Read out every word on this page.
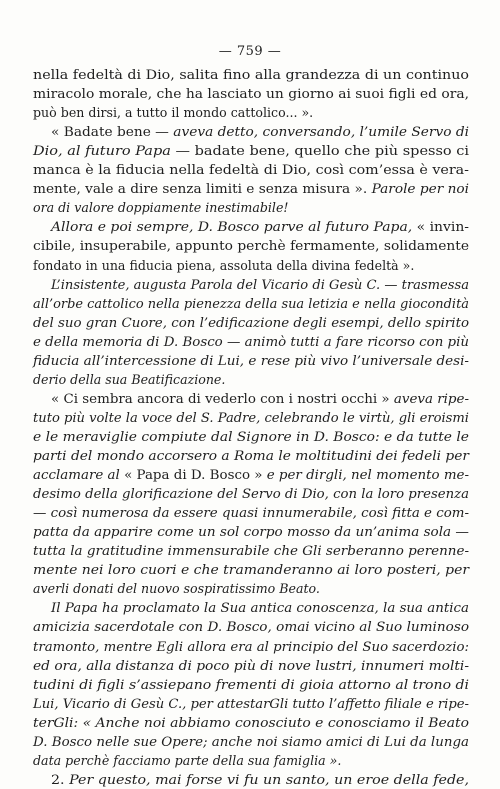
— 759 —
nella fedeltà di Dio, salita fino alla grandezza di un continuo
miracolo morale, che ha lasciato un giorno ai suoi figli ed ora,
può ben dirsi, a tutto il mondo cattolico... ».
« Badate bene — aveva detto, conversando, l’umile Servo di
Dio, al futuro Papa — badate bene, quello che più spesso ci
manca è la fiducia nella fedeltà di Dio, così com’essa è vera-
mente, vale a dire senza limiti e senza misura ». Parole per noi
ora di valore doppiamente inestimabile!
Allora e poi sempre, D. Bosco parve al futuro Papa, « invin-
cibile, insuperabile, appunto perchè fermamente, solidamente
fondato in una fiducia piena, assoluta della divina fedeltà ».
L’insistente, augusta Parola del Vicario di Gesù C. — trasmessa
all’orbe cattolico nella pienezza della sua letizia e nella giocondità
del suo gran Cuore, con l’edificazione degli esempi, dello spirito
e della memoria di D. Bosco — animò tutti a fare ricorso con più
fiducia all’intercessione di Lui, e rese più vivo l’universale desi-
derio della sua Beatificazione.
« Ci sembra ancora di vederlo con i nostri occhi » aveva ripe-
tuto più volte la voce del S. Padre, celebrando le virtù, gli eroismi
e le meraviglie compiute dal Signore in D. Bosco: e da tutte le
parti del mondo accorsero a Roma le moltitudini dei fedeli per
acclamare al « Papa di D. Bosco » e per dirgli, nel momento me-
desimo della glorificazione del Servo di Dio, con la loro presenza
— così numerosa da essere quasi innumerabile, così fitta e com-
patta da apparire come un sol corpo mosso da un’anima sola —
tutta la gratitudine immensurabile che Gli serberanno perenne-
mente nei loro cuori e che tramanderanno ai loro posteri, per
averli donati del nuovo sospiratissimo Beato.
Il Papa ha proclamato la Sua antica conoscenza, la sua antica
amicizia sacerdotale con D. Bosco, omai vicino al Suo luminoso
tramonto, mentre Egli allora era al principio del Suo sacerdozio:
ed ora, alla distanza di poco più di nove lustri, innumeri molti-
tudini di figli s’assiepano frementi di gioia attorno al trono di
Lui, Vicario di Gesù C., per attestarGli tutto l’affetto filiale e ripe-
terGli: « Anche noi abbiamo conosciuto e conosciamo il Beato
D. Bosco nelle sue Opere; anche noi siamo amici di Lui da lunga
data perchè facciamo parte della sua famiglia ».
2. Per questo, mai forse vi fu un santo, un eroe della fede,
